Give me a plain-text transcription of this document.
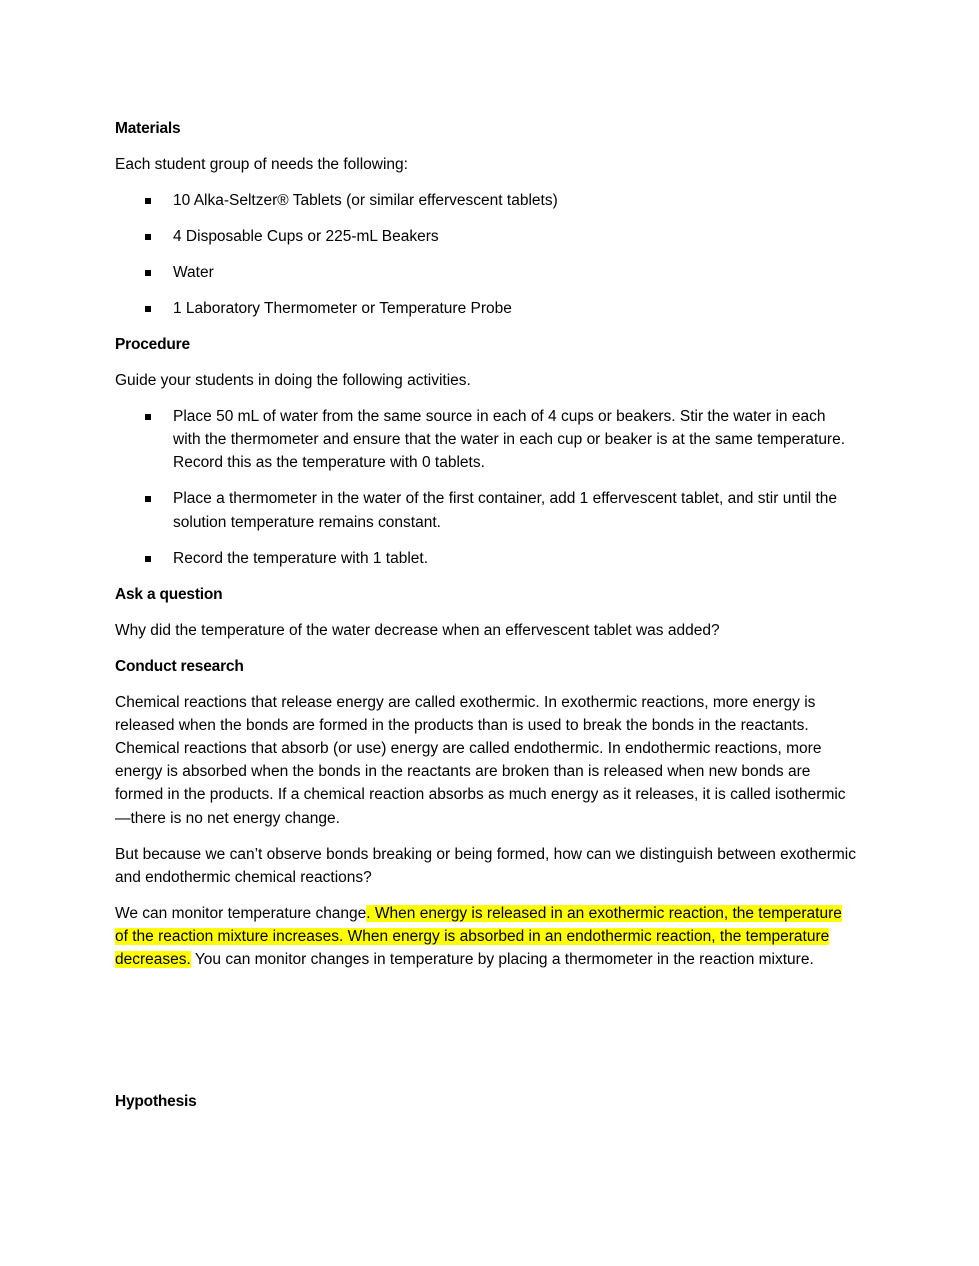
Materials
Each student group of needs the following:
10 Alka-Seltzer® Tablets (or similar effervescent tablets)
4 Disposable Cups or 225-mL Beakers
Water
1 Laboratory Thermometer or Temperature Probe
Procedure
Guide your students in doing the following activities.
Place 50 mL of water from the same source in each of 4 cups or beakers. Stir the water in each with the thermometer and ensure that the water in each cup or beaker is at the same temperature. Record this as the temperature with 0 tablets.
Place a thermometer in the water of the first container, add 1 effervescent tablet, and stir until the solution temperature remains constant.
Record the temperature with 1 tablet.
Ask a question
Why did the temperature of the water decrease when an effervescent tablet was added?
Conduct research
Chemical reactions that release energy are called exothermic. In exothermic reactions, more energy is released when the bonds are formed in the products than is used to break the bonds in the reactants. Chemical reactions that absorb (or use) energy are called endothermic. In endothermic reactions, more energy is absorbed when the bonds in the reactants are broken than is released when new bonds are formed in the products. If a chemical reaction absorbs as much energy as it releases, it is called isothermic—there is no net energy change.
But because we can’t observe bonds breaking or being formed, how can we distinguish between exothermic and endothermic chemical reactions?
We can monitor temperature change. When energy is released in an exothermic reaction, the temperature of the reaction mixture increases. When energy is absorbed in an endothermic reaction, the temperature decreases. You can monitor changes in temperature by placing a thermometer in the reaction mixture.
Hypothesis
